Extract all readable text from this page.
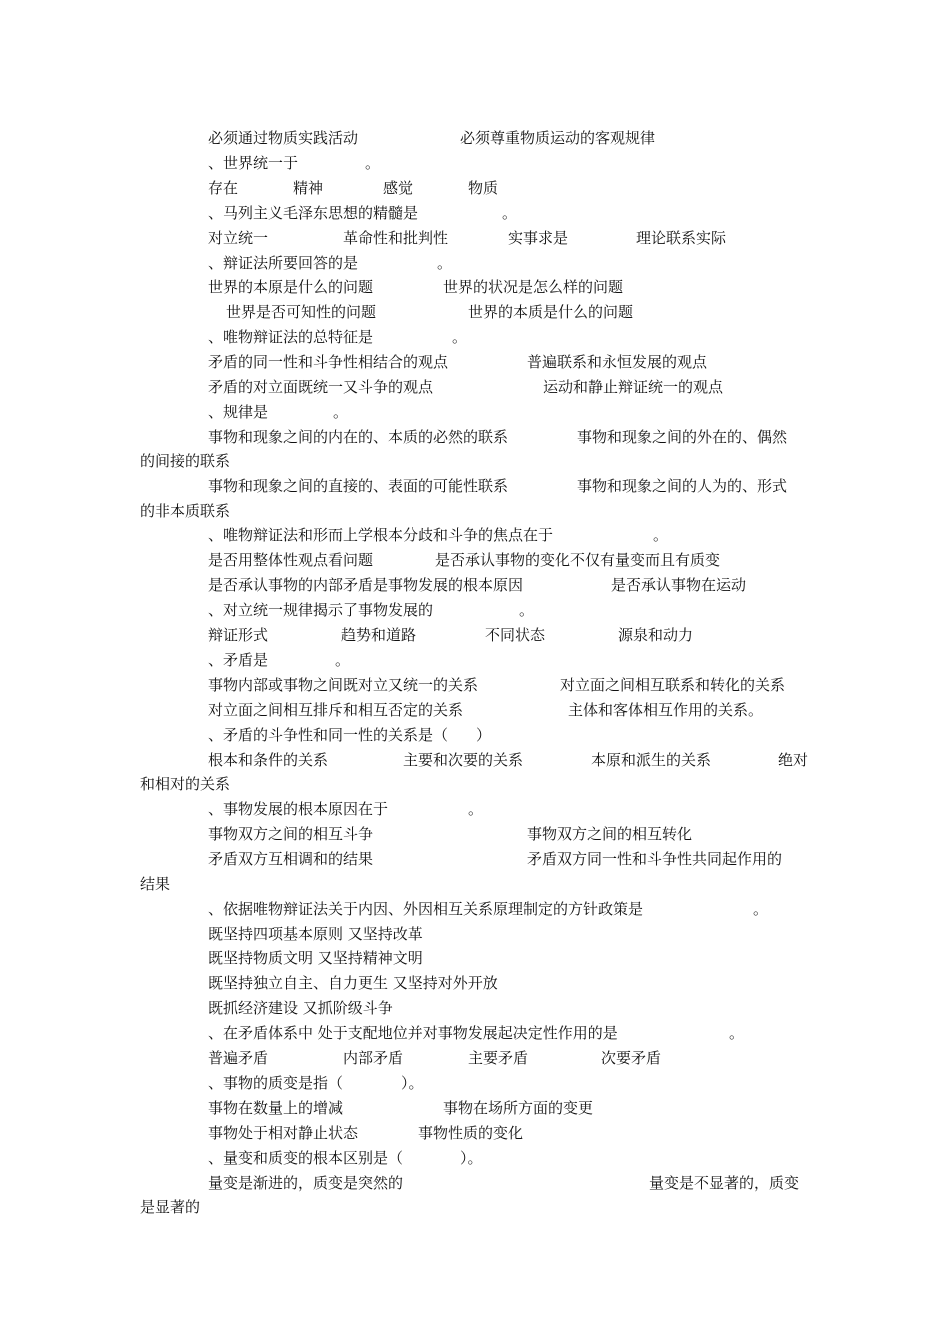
必须通过物质实践活动	必须尊重物质运动的客观规律
、世界统一于	。
存在	精神	感觉	物质
、马列主义毛泽东思想的精髓是	。
对立统一	革命性和批判性	实事求是	理论联系实际
、辩证法所要回答的是	。
世界的本原是什么的问题	世界的状况是怎么样的问题
世界是否可知性的问题	世界的本质是什么的问题
、唯物辩证法的总特征是	。
矛盾的同一性和斗争性相结合的观点	普遍联系和永恒发展的观点
矛盾的对立面既统一又斗争的观点	运动和静止辩证统一的观点
、规律是	。
事物和现象之间的内在的、本质的必然的联系	事物和现象之间的外在的、偶然
的间接的联系
事物和现象之间的直接的、表面的可能性联系	事物和现象之间的人为的、形式
的非本质联系
、唯物辩证法和形而上学根本分歧和斗争的焦点在于	。
是否用整体性观点看问题	是否承认事物的变化不仅有量变而且有质变
是否承认事物的内部矛盾是事物发展的根本原因	是否承认事物在运动
、对立统一规律揭示了事物发展的	。
辩证形式	趋势和道路	不同状态	源泉和动力
、矛盾是	。
事物内部或事物之间既对立又统一的关系	对立面之间相互联系和转化的关系
对立面之间相互排斥和相互否定的关系	主体和客体相互作用的关系。
、矛盾的斗争性和同一性的关系是（ ）
根本和条件的关系	主要和次要的关系	本原和派生的关系	绝对
和相对的关系
、事物发展的根本原因在于	。
事物双方之间的相互斗争	事物双方之间的相互转化
矛盾双方互相调和的结果	矛盾双方同一性和斗争性共同起作用的
结果
、依据唯物辩证法关于内因、外因相互关系原理制定的方针政策是	。
既坚持四项基本原则 又坚持改革
既坚持物质文明 又坚持精神文明
既坚持独立自主、自力更生 又坚持对外开放
既抓经济建设 又抓阶级斗争
、在矛盾体系中 处于支配地位并对事物发展起决定性作用的是	。
普遍矛盾	内部矛盾	主要矛盾	次要矛盾
、事物的质变是指（	）。
事物在数量上的增减	事物在场所方面的变更
事物处于相对静止状态	事物性质的变化
、量变和质变的根本区别是（	）。
量变是渐进的，质变是突然的	量变是不显著的，质变
是显著的
